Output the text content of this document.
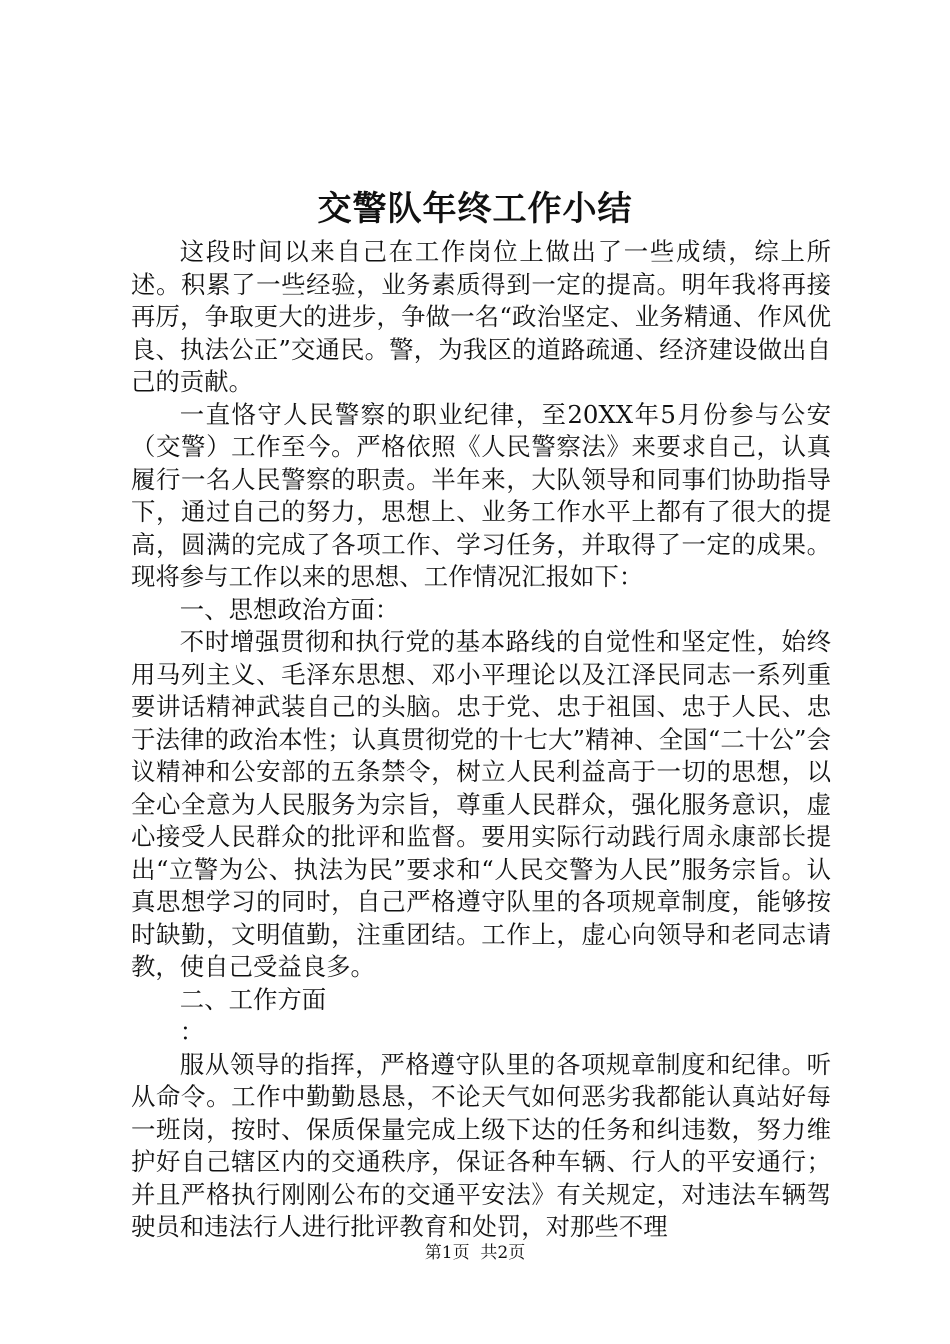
交警队年终工作小结

这段时间以来自己在工作岗位上做出了一些成绩，综上所述。积累了一些经验，业务素质得到一定的提高。明年我将再接再厉，争取更大的进步，争做一名“政治坚定、业务精通、作风优良、执法公正”交通民。警，为我区的道路疏通、经济建设做出自己的贡献。

一直恪守人民警察的职业纪律，至20XX年5月份参与公安（交警）工作至今。严格依照《人民警察法》来要求自己，认真履行一名人民警察的职责。半年来，大队领导和同事们协助指导下，通过自己的努力，思想上、业务工作水平上都有了很大的提高，圆满的完成了各项工作、学习任务，并取得了一定的成果。现将参与工作以来的思想、工作情况汇报如下：

一、思想政治方面：

不时增强贯彻和执行党的基本路线的自觉性和坚定性，始终用马列主义、毛泽东思想、邓小平理论以及江泽民同志一系列重要讲话精神武装自己的头脑。忠于党、忠于祖国、忠于人民、忠于法律的政治本性；认真贯彻党的十七大”精神、全国“二十公”会议精神和公安部的五条禁令，树立人民利益高于一切的思想，以全心全意为人民服务为宗旨，尊重人民群众，强化服务意识，虚心接受人民群众的批评和监督。要用实际行动践行周永康部长提出“立警为公、执法为民”要求和“人民交警为人民”服务宗旨。认真思想学习的同时，自己严格遵守队里的各项规章制度，能够按时缺勤，文明值勤，注重团结。工作上，虚心向领导和老同志请教，使自己受益良多。

二、工作方面

：

服从领导的指挥，严格遵守队里的各项规章制度和纪律。听从命令。工作中勤勤恳恳，不论天气如何恶劣我都能认真站好每一班岗，按时、保质保量完成上级下达的任务和纠违数，努力维护好自己辖区内的交通秩序，保证各种车辆、行人的平安通行；并且严格执行刚刚公布的交通平安法》有关规定，对违法车辆驾驶员和违法行人进行批评教育和处罚，对那些不理

第1页  共2页
